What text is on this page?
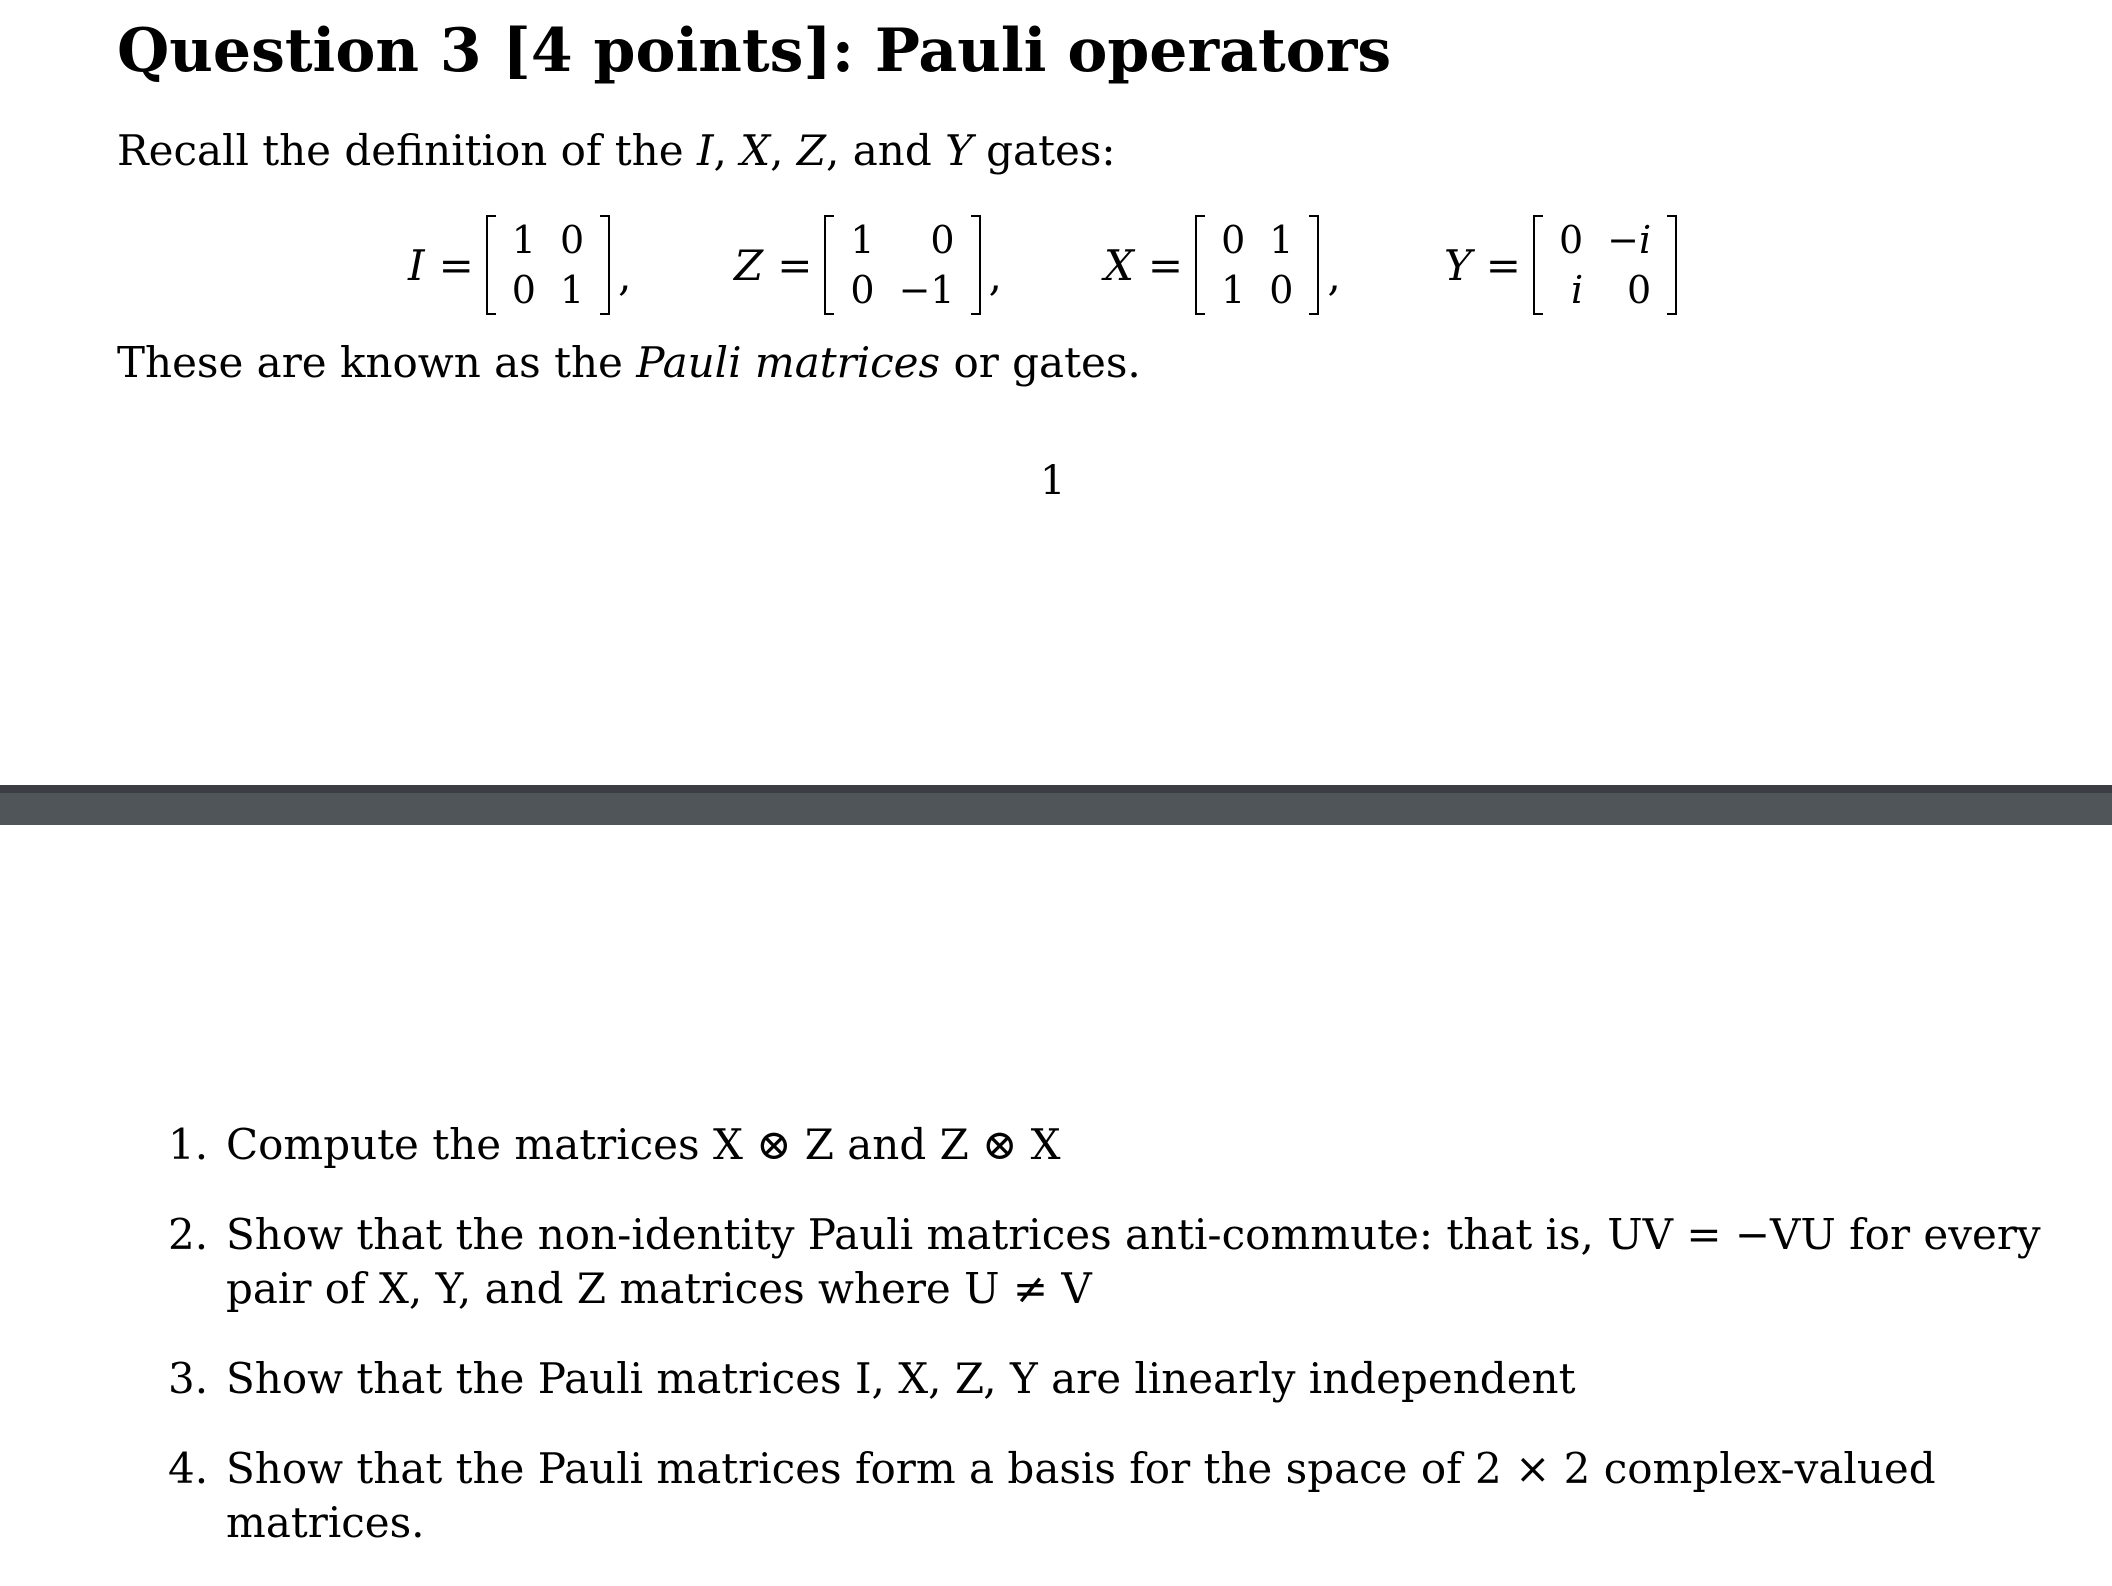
Question 3 [4 points]: Pauli operators
Recall the definition of the I, X, Z, and Y gates:
I =
1	0
0	1 , Z =
1	0
0	−1 , X =
0	1
1	0 , Y =
0	−i
i	0
These are known as the Pauli matrices or gates.
1
1. Compute the matrices X ⊗ Z and Z ⊗ X
2. Show that the non-identity Pauli matrices anti-commute: that is, UV = −VU for every pair of X, Y, and Z matrices where U ≠ V
3. Show that the Pauli matrices I, X, Z, Y are linearly independent
4. Show that the Pauli matrices form a basis for the space of 2 × 2 complex-valued matrices.
